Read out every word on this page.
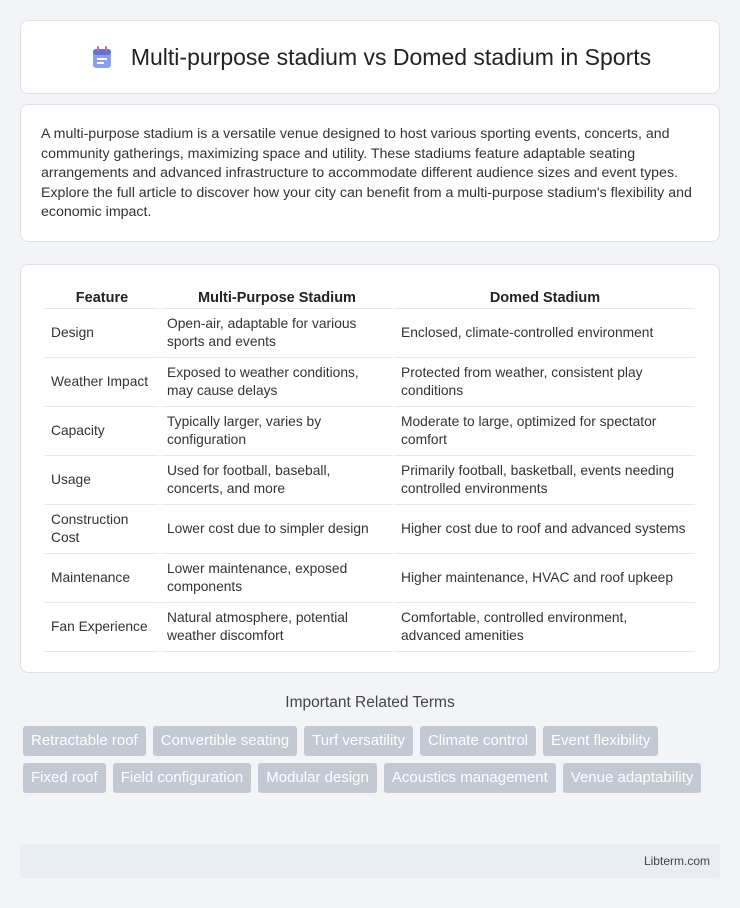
Multi-purpose stadium vs Domed stadium in Sports

A multi-purpose stadium is a versatile venue designed to host various sporting events, concerts, and community gatherings, maximizing space and utility. These stadiums feature adaptable seating arrangements and advanced infrastructure to accommodate different audience sizes and event types. Explore the full article to discover how your city can benefit from a multi-purpose stadium's flexibility and economic impact.

Feature	Multi-Purpose Stadium	Domed Stadium
Design	Open-air, adaptable for various sports and events	Enclosed, climate-controlled environment
Weather Impact	Exposed to weather conditions, may cause delays	Protected from weather, consistent play conditions
Capacity	Typically larger, varies by configuration	Moderate to large, optimized for spectator comfort
Usage	Used for football, baseball, concerts, and more	Primarily football, basketball, events needing controlled environments
Construction Cost	Lower cost due to simpler design	Higher cost due to roof and advanced systems
Maintenance	Lower maintenance, exposed components	Higher maintenance, HVAC and roof upkeep
Fan Experience	Natural atmosphere, potential weather discomfort	Comfortable, controlled environment, advanced amenities
Important Related Terms
Retractable roof	Convertible seating	Turf versatility	Climate control	Event flexibility
Fixed roof	Field configuration	Modular design	Acoustics management	Venue adaptability
Libterm.com
